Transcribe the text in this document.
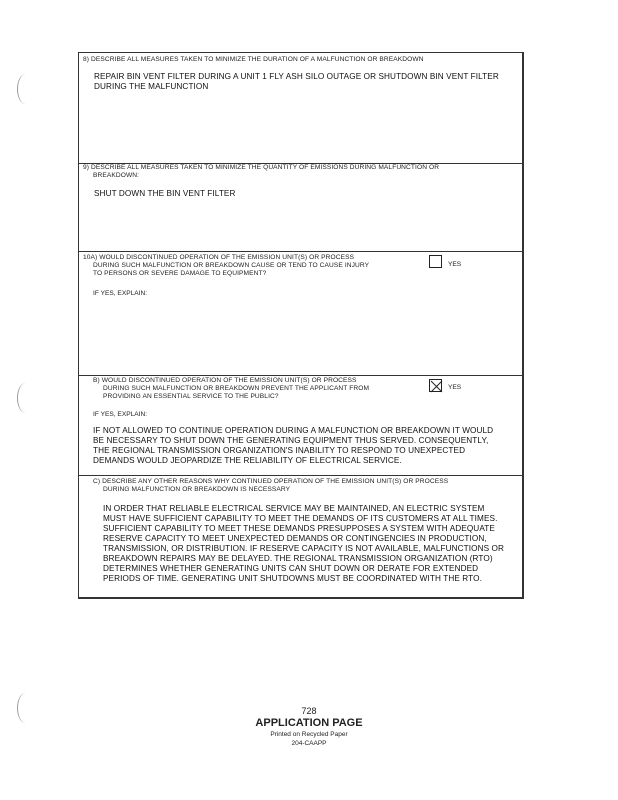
8) DESCRIBE ALL MEASURES TAKEN TO MINIMIZE THE DURATION OF A MALFUNCTION OR BREAKDOWN
REPAIR BIN VENT FILTER DURING A UNIT 1 FLY ASH SILO OUTAGE OR SHUTDOWN BIN VENT FILTER
DURING THE MALFUNCTION
9) DESCRIBE ALL MEASURES TAKEN TO MINIMIZE THE QUANTITY OF EMISSIONS DURING MALFUNCTION OR
BREAKDOWN:
SHUT DOWN THE BIN VENT FILTER
10A) WOULD DISCONTINUED OPERATION OF THE EMISSION UNIT(S) OR PROCESS
DURING SUCH MALFUNCTION OR BREAKDOWN CAUSE OR TEND TO CAUSE INJURY
TO PERSONS OR SEVERE DAMAGE TO EQUIPMENT?
YES
IF YES, EXPLAIN:
B) WOULD DISCONTINUED OPERATION OF THE EMISSION UNIT(S) OR PROCESS
DURING SUCH MALFUNCTION OR BREAKDOWN PREVENT THE APPLICANT FROM
PROVIDING AN ESSENTIAL SERVICE TO THE PUBLIC?
YES
IF YES, EXPLAIN:
IF NOT ALLOWED TO CONTINUE OPERATION DURING A MALFUNCTION OR BREAKDOWN IT WOULD
BE NECESSARY TO SHUT DOWN THE GENERATING EQUIPMENT THUS SERVED. CONSEQUENTLY,
THE REGIONAL TRANSMISSION ORGANIZATION'S INABILITY TO RESPOND TO UNEXPECTED
DEMANDS WOULD JEOPARDIZE THE RELIABILITY OF ELECTRICAL SERVICE.
C) DESCRIBE ANY OTHER REASONS WHY CONTINUED OPERATION OF THE EMISSION UNIT(S) OR PROCESS
DURING MALFUNCTION OR BREAKDOWN IS NECESSARY
IN ORDER THAT RELIABLE ELECTRICAL SERVICE MAY BE MAINTAINED, AN ELECTRIC SYSTEM
MUST HAVE SUFFICIENT CAPABILITY TO MEET THE DEMANDS OF ITS CUSTOMERS AT ALL TIMES.
SUFFICIENT CAPABILITY TO MEET THESE DEMANDS PRESUPPOSES A SYSTEM WITH ADEQUATE
RESERVE CAPACITY TO MEET UNEXPECTED DEMANDS OR CONTINGENCIES IN PRODUCTION,
TRANSMISSION, OR DISTRIBUTION. IF RESERVE CAPACITY IS NOT AVAILABLE, MALFUNCTIONS OR
BREAKDOWN REPAIRS MAY BE DELAYED. THE REGIONAL TRANSMISSION ORGANIZATION (RTO)
DETERMINES WHETHER GENERATING UNITS CAN SHUT DOWN OR DERATE FOR EXTENDED
PERIODS OF TIME. GENERATING UNIT SHUTDOWNS MUST BE COORDINATED WITH THE RTO.
728
APPLICATION PAGE
Printed on Recycled Paper
204-CAAPP
